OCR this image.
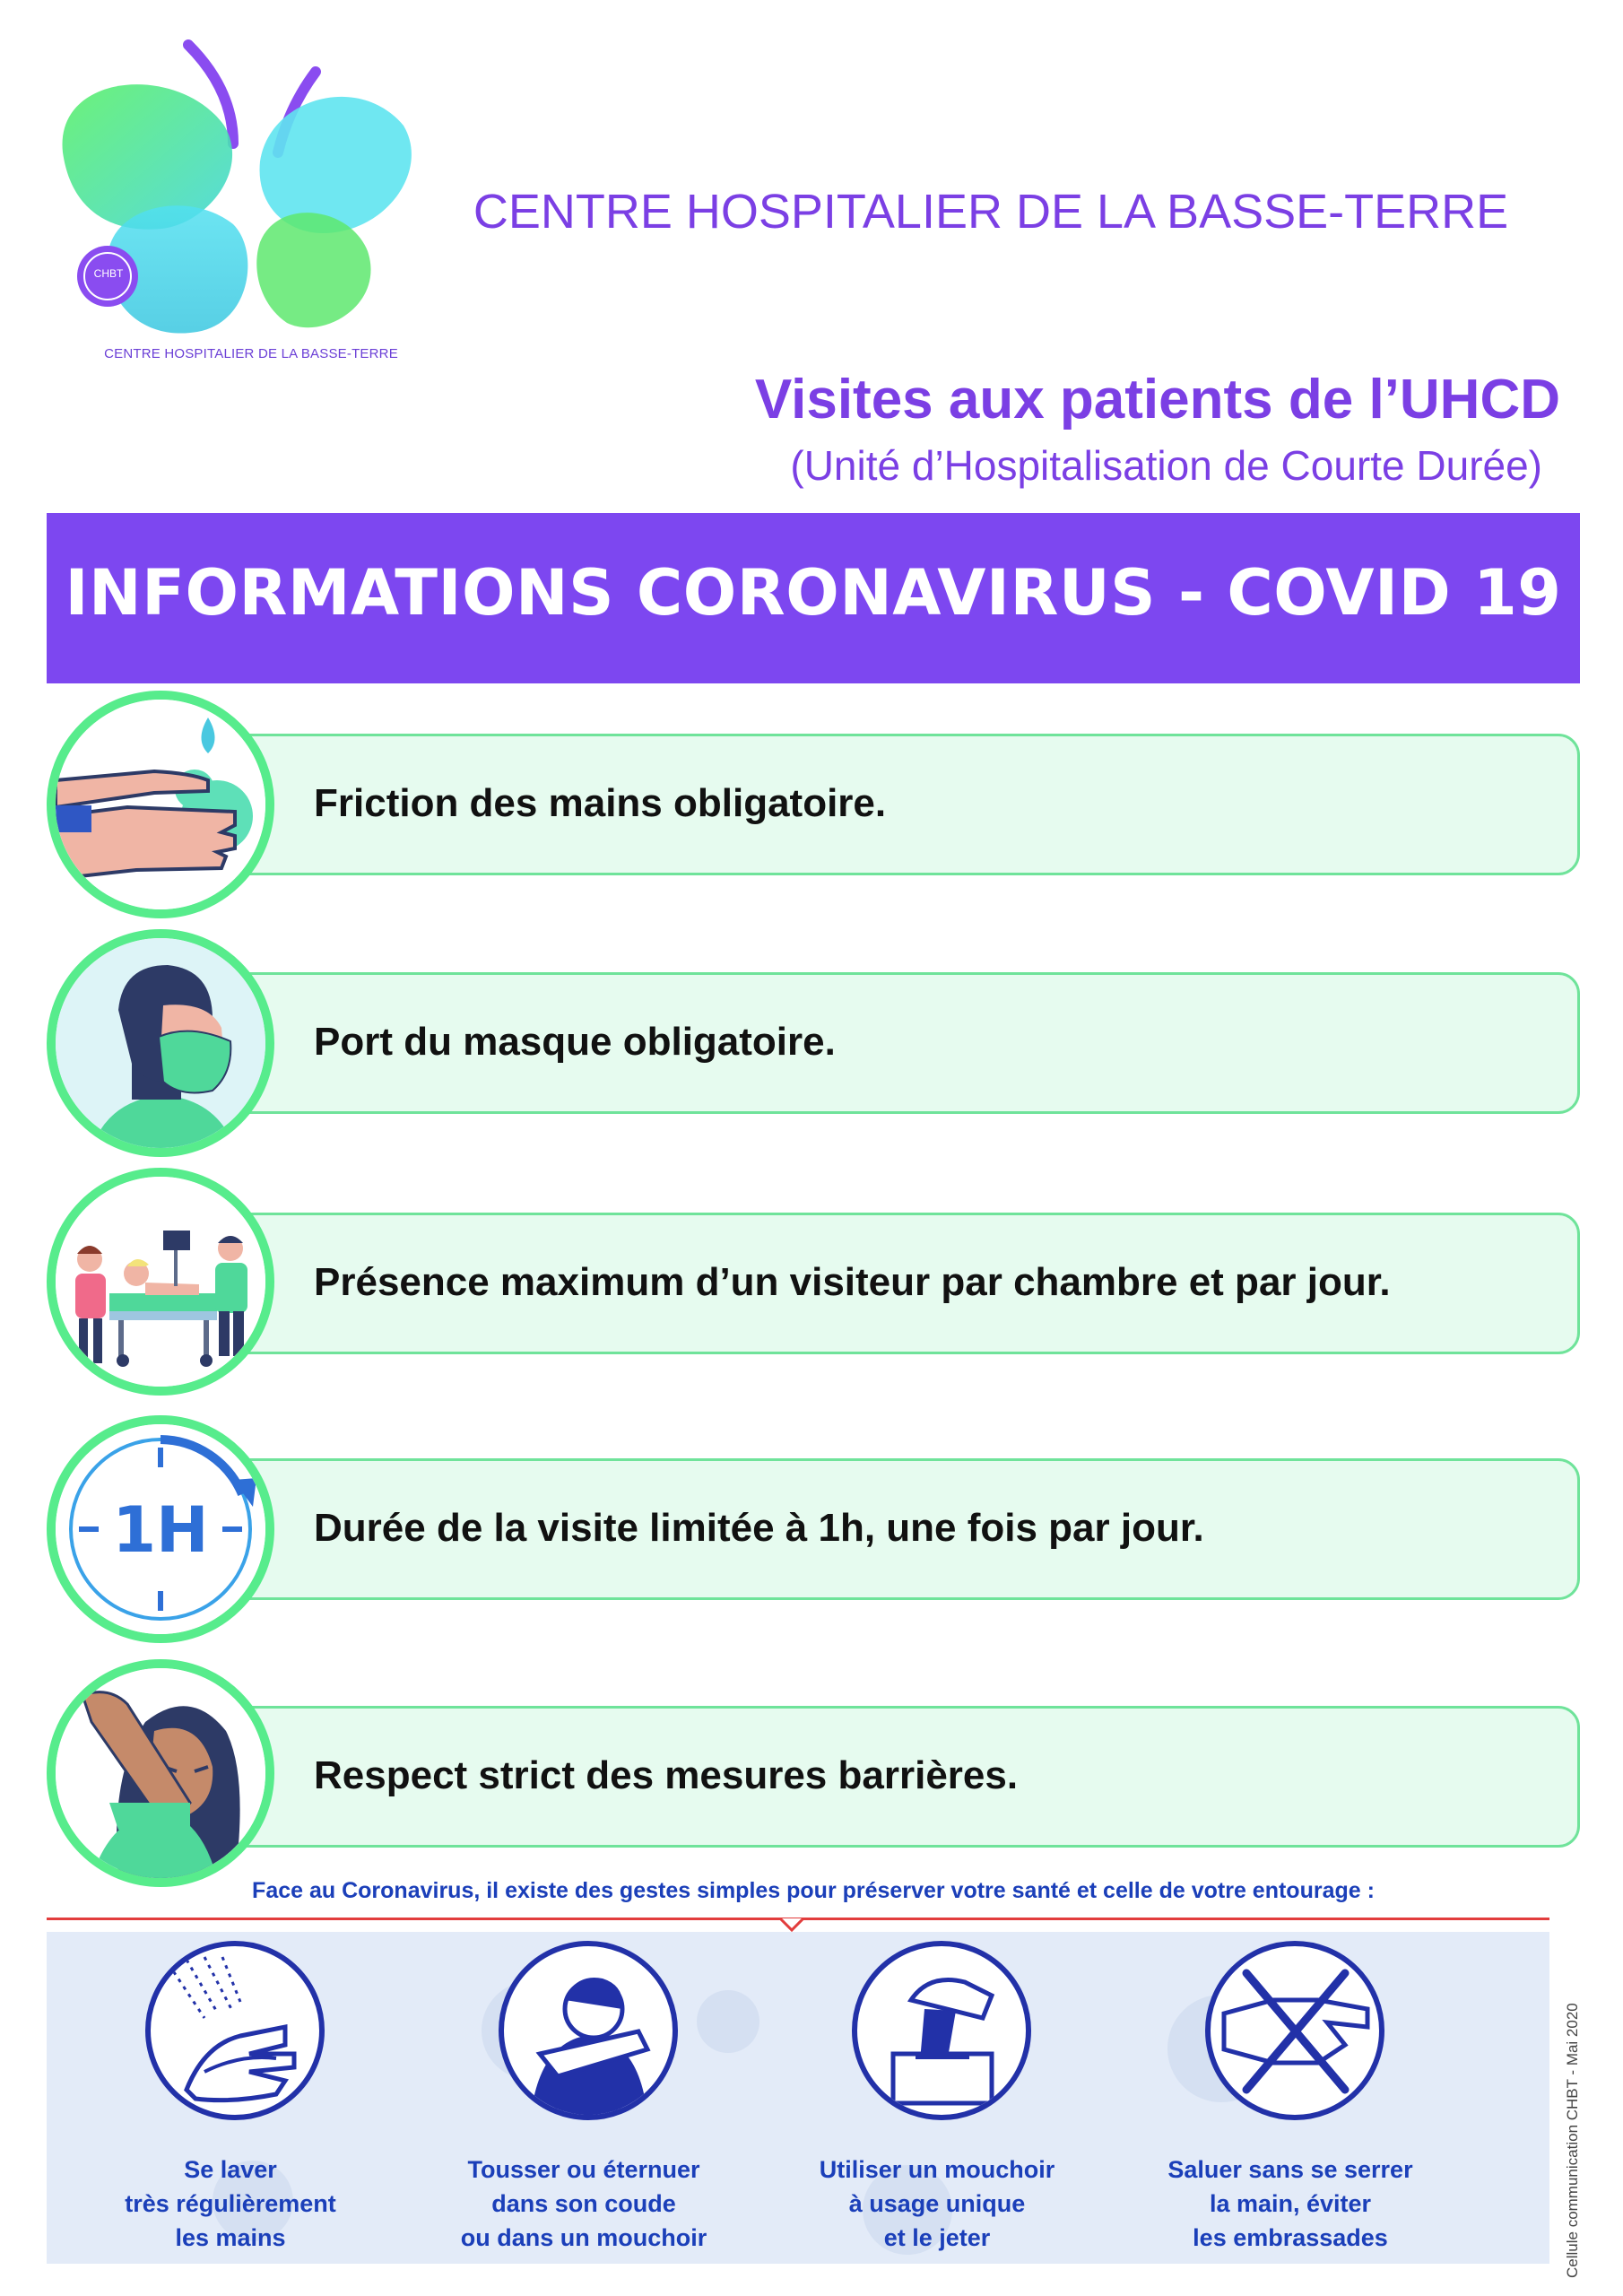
CHBT
CENTRE HOSPITALIER DE LA BASSE-TERRE
CENTRE HOSPITALIER DE LA BASSE-TERRE
Visites aux patients de l’UHCD
(Unité d’Hospitalisation de Courte Durée)
INFORMATIONS CORONAVIRUS - COVID 19
Friction des mains obligatoire.
Port du masque obligatoire.
Présence maximum d’un visiteur par chambre et par jour.
Durée de la visite limitée à 1h, une fois par jour.
1H
Respect strict des mesures barrières.
Face au Coronavirus, il existe des gestes simples pour préserver votre santé et celle de votre entourage :
Se laver
très régulièrement
les mains
Tousser ou éternuer
dans son coude
ou dans un mouchoir
Utiliser un mouchoir
à usage unique
et le jeter
Saluer sans se serrer
la main, éviter
les embrassades	Cellule communication CHBT - Mai 2020
